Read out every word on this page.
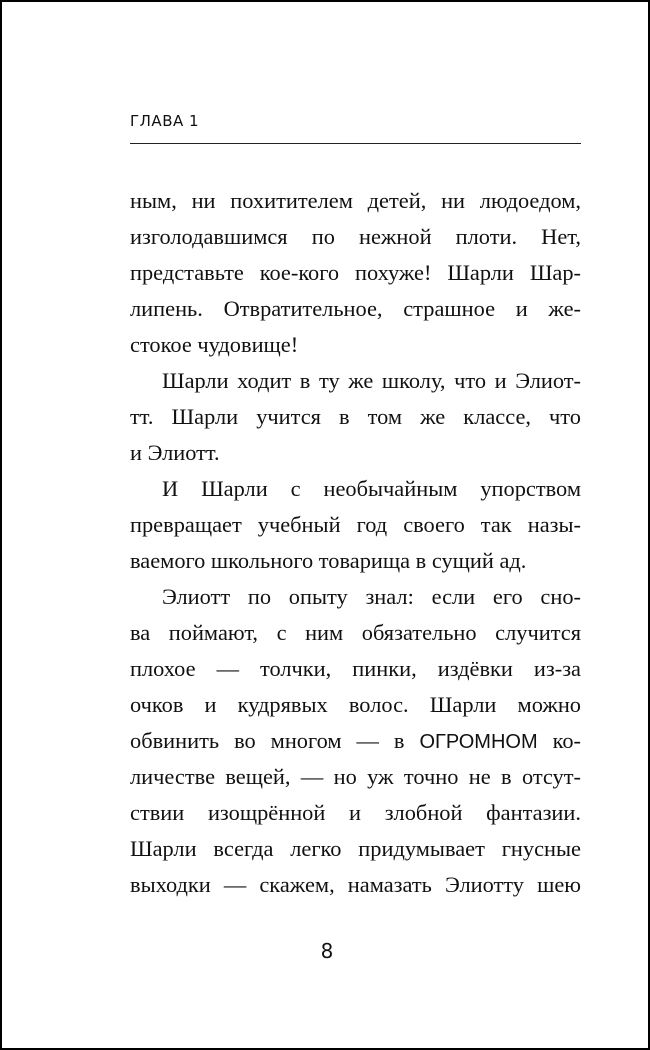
ГЛАВА 1
ным, ни похитителем детей, ни людоедом,
изголодавшимся по нежной плоти. Нет,
представьте кое-кого похуже! Шарли Шар-
липень. Отвратительное, страшное и же-
стокое чудовище!
Шарли ходит в ту же школу, что и Элиот-
тт. Шарли учится в том же классе, что
и Элиотт.
И Шарли с необычайным упорством
превращает учебный год своего так назы-
ваемого школьного товарища в сущий ад.
Элиотт по опыту знал: если его сно-
ва поймают, с ним обязательно случится
плохое — толчки, пинки, издёвки из-за
очков и кудрявых волос. Шарли можно
обвинить во многом — в ОГРОМНОМ ко-
личестве вещей, — но уж точно не в отсут-
ствии изощрённой и злобной фантазии.
Шарли всегда легко придумывает гнусные
выходки — скажем, намазать Элиотту шею
8
